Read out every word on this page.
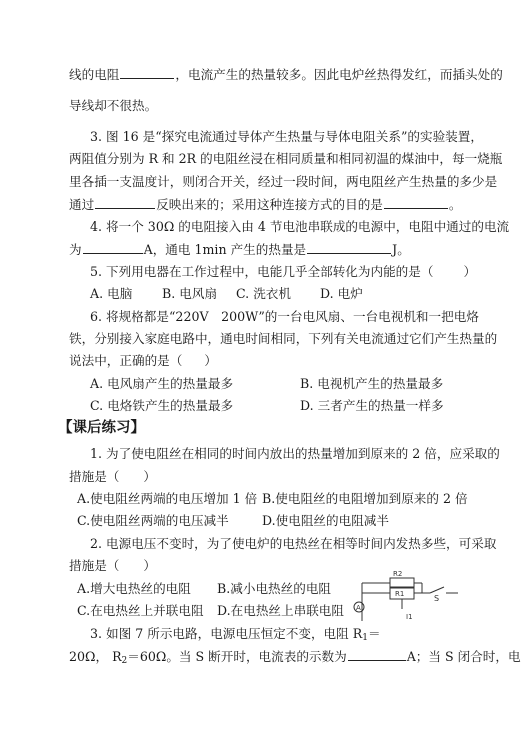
线的电阻	，电流产生的热量较多。因此电炉丝热得发红，而插头处的
导线却不很热。
3. 图 16 是“探究电流通过导体产生热量与导体电阻关系”的实验装置，
两阻值分别为 R 和 2R 的电阻丝浸在相同质量和相同初温的煤油中，每一烧瓶
里各插一支温度计，则闭合开关，经过一段时间，两电阻丝产生热量的多少是
通过	反映出来的；采用这种连接方式的目的是	。
4. 将一个 30Ω 的电阻接入由 4 节电池串联成的电源中，电阻中通过的电流
为	A，通电 1min 产生的热量是	J。
5. 下列用电器在工作过程中，电能几乎全部转化为内能的是（ ）
A. 电脑 B. 电风扇 C. 洗衣机 D. 电炉
6. 将规格都是“220V　200W”的一台电风扇、一台电视机和一把电烙
铁，分别接入家庭电路中，通电时间相同，下列有关电流通过它们产生热量的
说法中，正确的是（ ）
A. 电风扇产生的热量最多	B. 电视机产生的热量最多
C. 电烙铁产生的热量最多	D. 三者产生的热量一样多
【课后练习】
1. 为了使电阻丝在相同的时间内放出的热量增加到原来的 2 倍，应采取的
措施是（ ）
A.使电阻丝两端的电压增加 1 倍 B.使电阻丝的电阻增加到原来的 2 倍
C.使电阻丝两端的电压减半	D.使电阻丝的电阻减半
2. 电源电压不变时，为了使电炉的电热丝在相等时间内发热多些，可采取
措施是（ ）
A.增大电热丝的电阻 B.减小电热丝的电阻
C.在电热丝上并联电阻 D.在电热丝上串联电阻
3. 如图 7 所示电路，电源电压恒定不变，电阻 $R_1=$
20Ω， $R_2=60\Omega$。当 S 断开时，电流表的示数为	A；当 S 闭合时，电
R2
R1	S
A
I1
